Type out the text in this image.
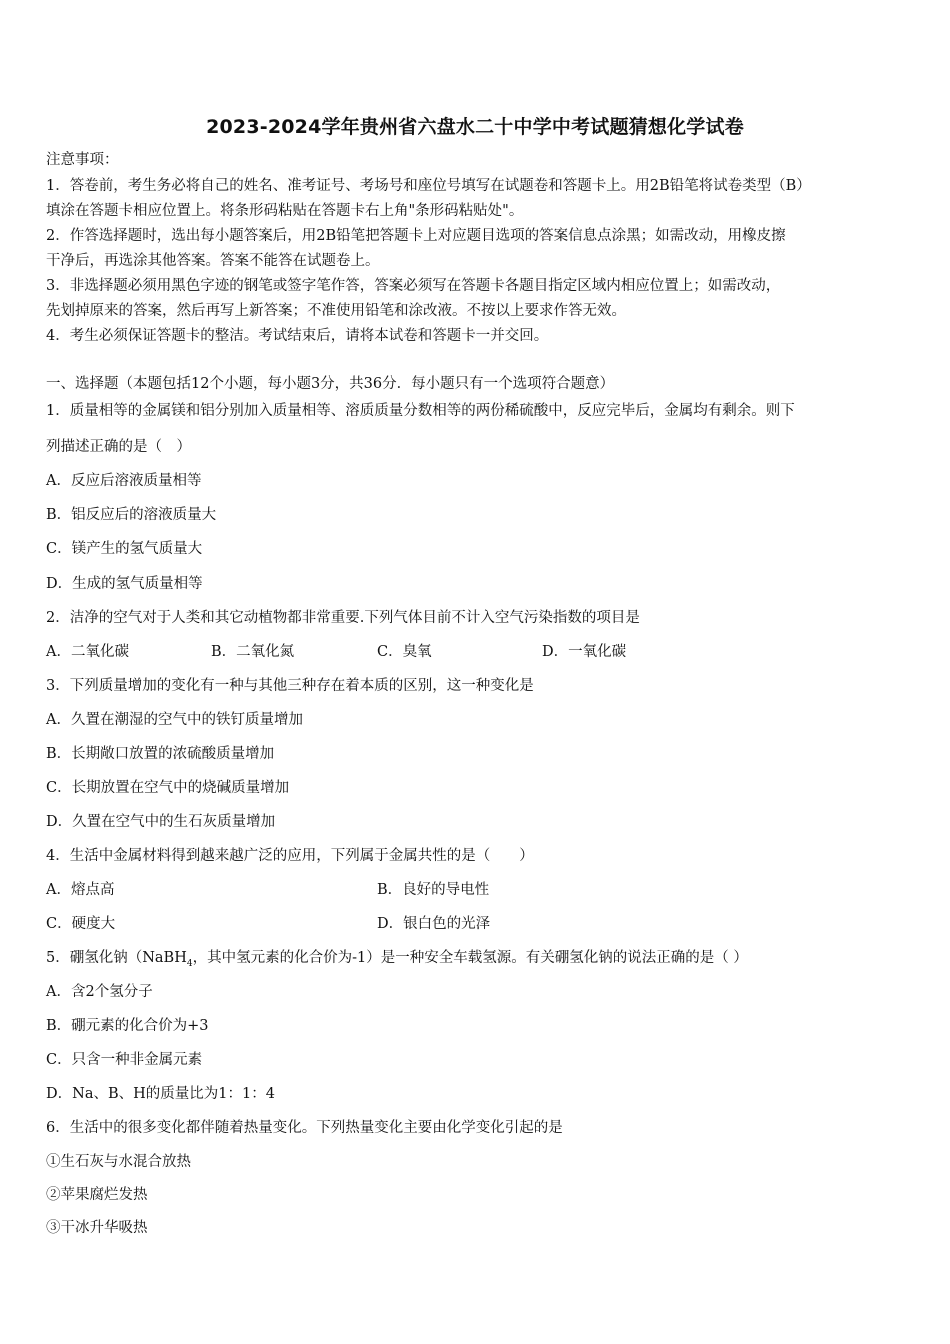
2023-2024学年贵州省六盘水二十中学中考试题猜想化学试卷
注意事项：
1．答卷前，考生务必将自己的姓名、准考证号、考场号和座位号填写在试题卷和答题卡上。用2B铅笔将试卷类型（B）
填涂在答题卡相应位置上。将条形码粘贴在答题卡右上角"条形码粘贴处"。
2．作答选择题时，选出每小题答案后，用2B铅笔把答题卡上对应题目选项的答案信息点涂黑；如需改动，用橡皮擦
干净后，再选涂其他答案。答案不能答在试题卷上。
3．非选择题必须用黑色字迹的钢笔或签字笔作答，答案必须写在答题卡各题目指定区域内相应位置上；如需改动，
先划掉原来的答案，然后再写上新答案；不准使用铅笔和涂改液。不按以上要求作答无效。
4．考生必须保证答题卡的整洁。考试结束后，请将本试卷和答题卡一并交回。
一、选择题（本题包括12个小题，每小题3分，共36分．每小题只有一个选项符合题意）
1．质量相等的金属镁和铝分别加入质量相等、溶质质量分数相等的两份稀硫酸中，反应完毕后，金属均有剩余。则下
列描述正确的是（　）
A．反应后溶液质量相等
B．铝反应后的溶液质量大
C．镁产生的氢气质量大
D．生成的氢气质量相等
2．洁净的空气对于人类和其它动植物都非常重要.下列气体目前不计入空气污染指数的项目是
A．二氧化碳	B．二氧化氮	C．臭氧	D．一氧化碳
3．下列质量增加的变化有一种与其他三种存在着本质的区别，这一种变化是
A．久置在潮湿的空气中的铁钉质量增加
B．长期敞口放置的浓硫酸质量增加
C．长期放置在空气中的烧碱质量增加
D．久置在空气中的生石灰质量增加
4．生活中金属材料得到越来越广泛的应用，下列属于金属共性的是（　　）
A．熔点高	B．良好的导电性
C．硬度大	D．银白色的光泽
5．硼氢化钠（NaBH$_4$，其中氢元素的化合价为-1）是一种安全车载氢源。有关硼氢化钠的说法正确的是（ ）
A．含2个氢分子
B．硼元素的化合价为+3
C．只含一种非金属元素
D．Na、B、H的质量比为1：1：4
6．生活中的很多变化都伴随着热量变化。下列热量变化主要由化学变化引起的是
①生石灰与水混合放热
②苹果腐烂发热
③干冰升华吸热
